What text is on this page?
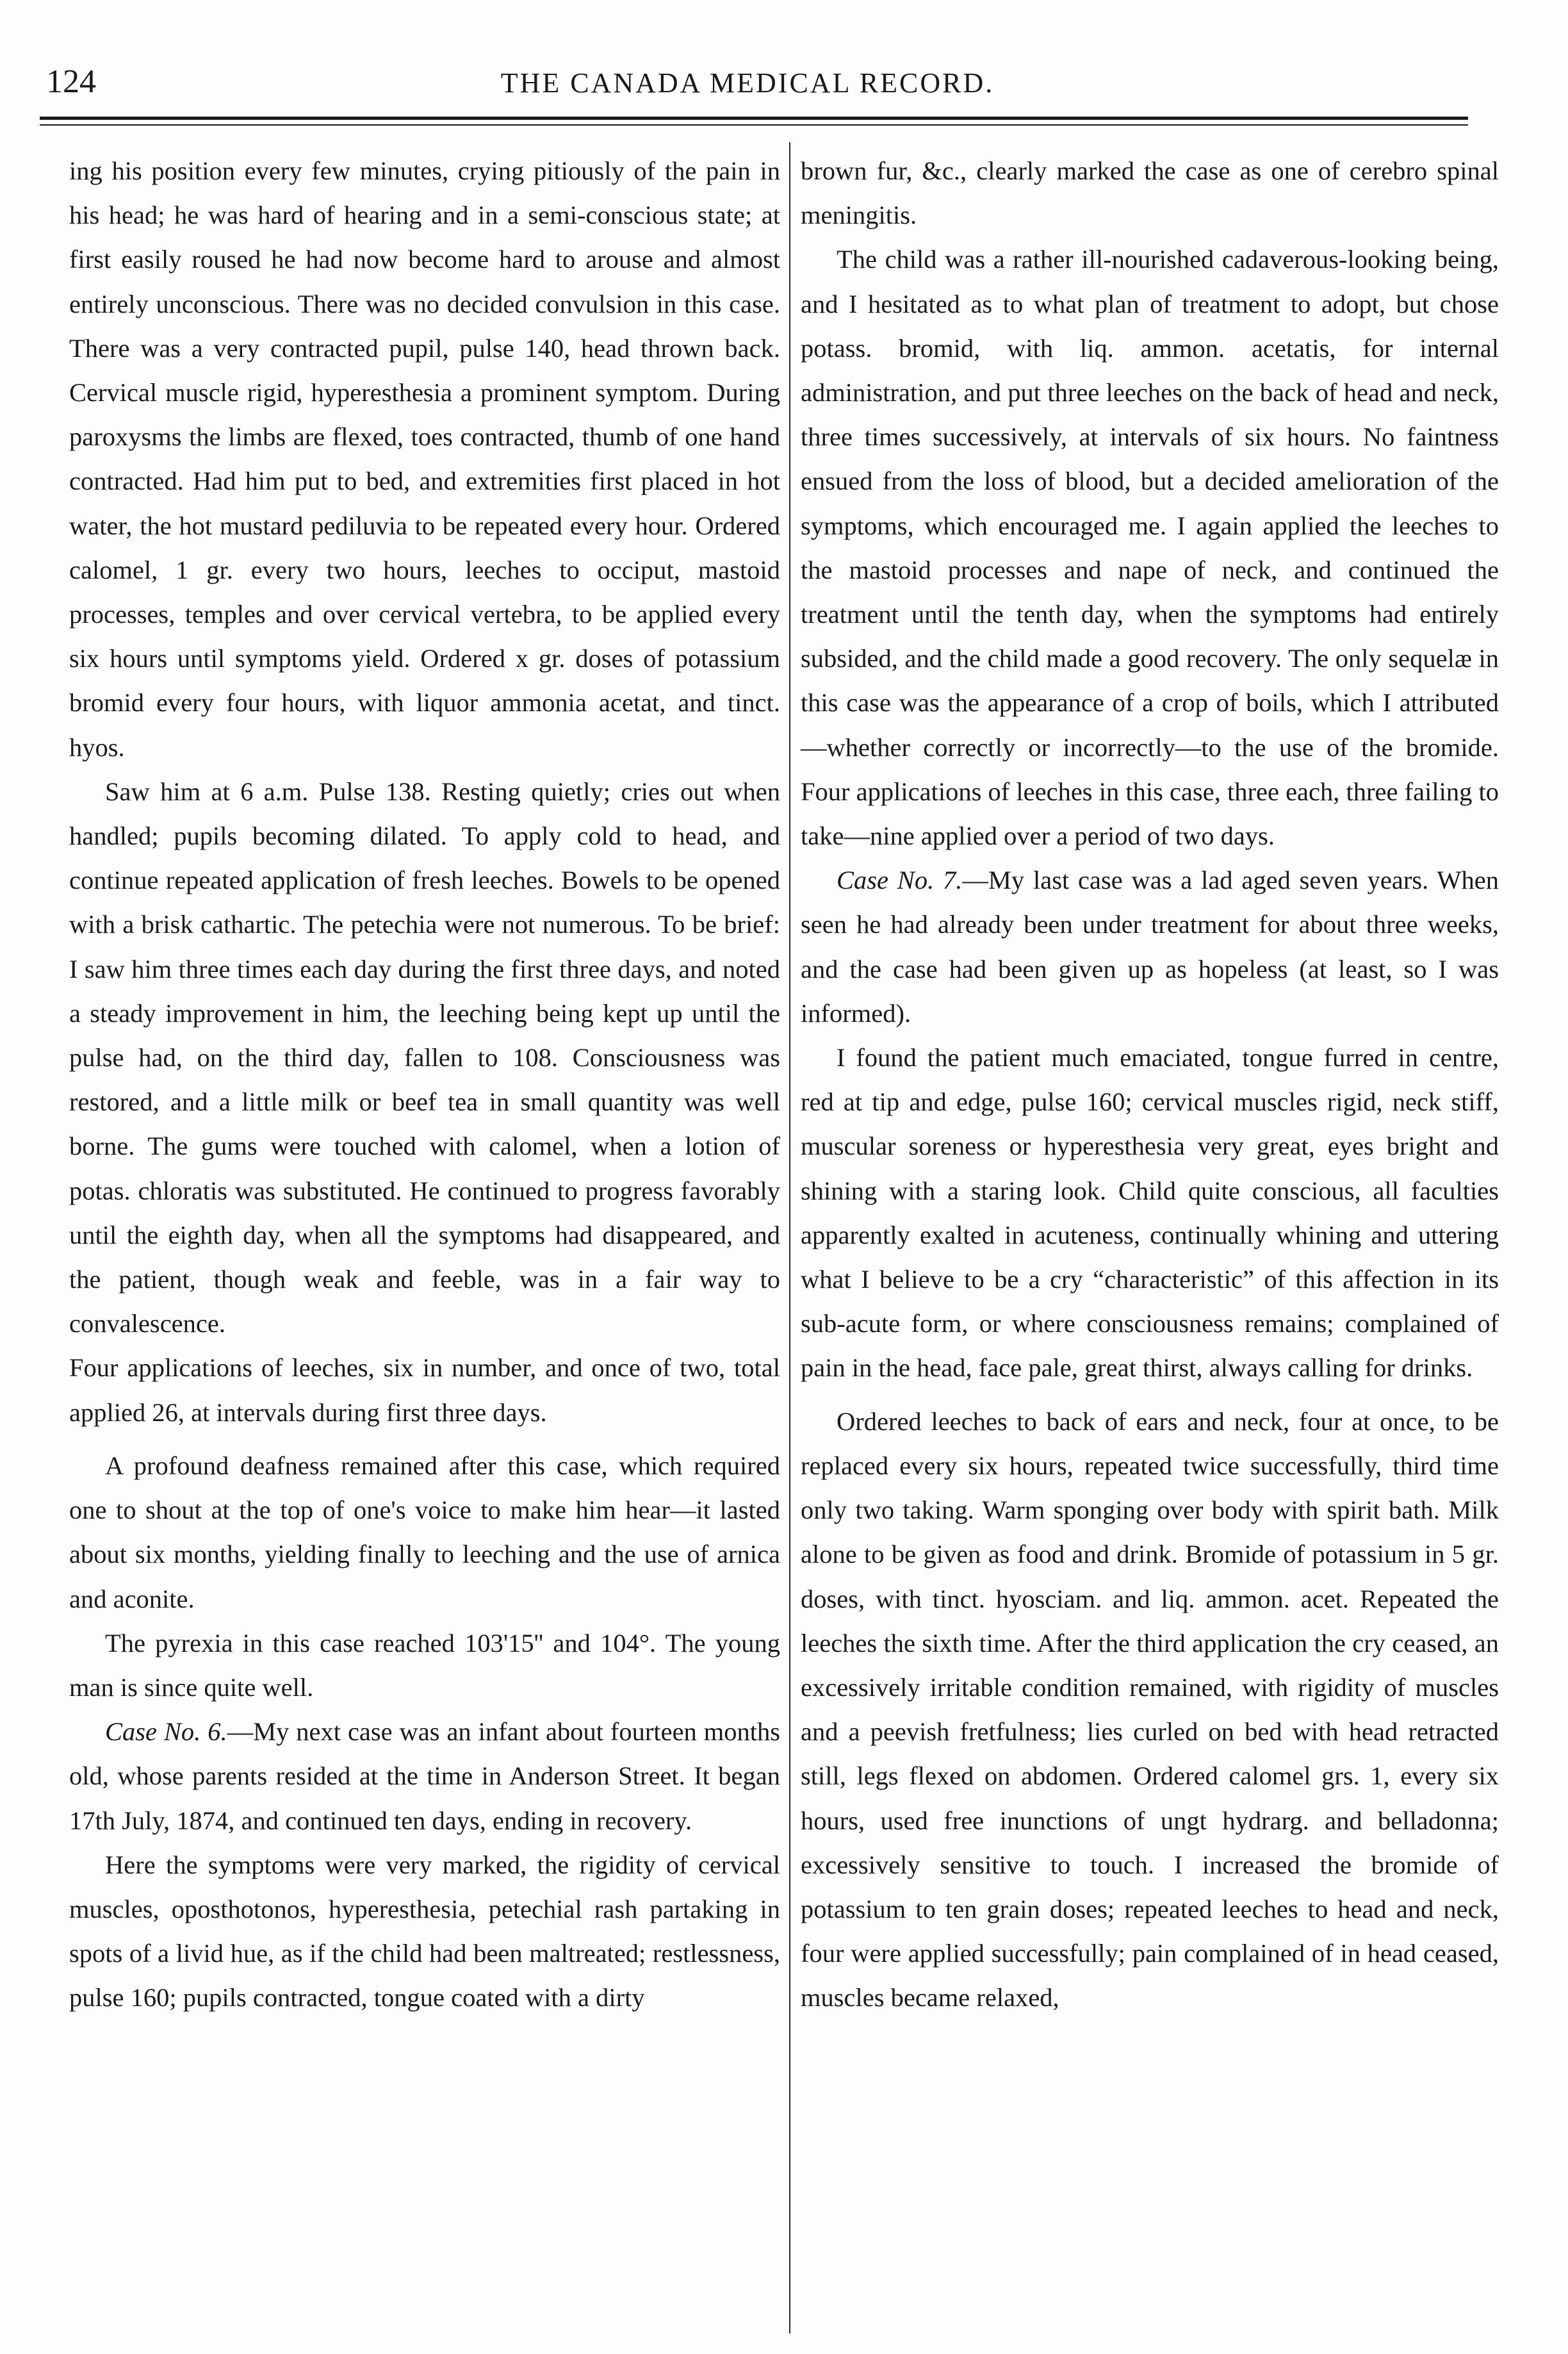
124	THE CANADA MEDICAL RECORD.

ing his position every few minutes, crying pitiously of the pain in his head; he was hard of hearing and in a semi-conscious state; at first easily roused he had now become hard to arouse and almost entirely unconscious. There was no decided convulsion in this case. There was a very contracted pupil, pulse 140, head thrown back. Cervical muscle rigid, hyperesthesia a prominent symptom. During paroxysms the limbs are flexed, toes contracted, thumb of one hand contracted. Had him put to bed, and extremities first placed in hot water, the hot mustard pediluvia to be repeated every hour. Ordered calomel, 1 gr. every two hours, leeches to occiput, mastoid processes, temples and over cervical vertebra, to be applied every six hours until symptoms yield. Ordered x gr. doses of potassium bromid every four hours, with liquor ammonia acetat, and tinct. hyos.

Saw him at 6 a.m. Pulse 138. Resting quietly; cries out when handled; pupils becoming dilated. To apply cold to head, and continue repeated application of fresh leeches. Bowels to be opened with a brisk cathartic. The petechia were not numerous. To be brief: I saw him three times each day during the first three days, and noted a steady improvement in him, the leeching being kept up until the pulse had, on the third day, fallen to 108. Consciousness was restored, and a little milk or beef tea in small quantity was well borne. The gums were touched with calomel, when a lotion of potas. chloratis was substituted. He continued to progress favorably until the eighth day, when all the symptoms had disappeared, and the patient, though weak and feeble, was in a fair way to convalescence.

Four applications of leeches, six in number, and once of two, total applied 26, at intervals during first three days.

A profound deafness remained after this case, which required one to shout at the top of one's voice to make him hear—it lasted about six months, yielding finally to leeching and the use of arnica and aconite.

The pyrexia in this case reached 103'15'' and 104°. The young man is since quite well.

Case No. 6.—My next case was an infant about fourteen months old, whose parents resided at the time in Anderson Street. It began 17th July, 1874, and continued ten days, ending in recovery.

Here the symptoms were very marked, the rigidity of cervical muscles, oposthotonos, hyperesthesia, petechial rash partaking in spots of a livid hue, as if the child had been maltreated; restlessness, pulse 160; pupils contracted, tongue coated with a dirty

brown fur, &c., clearly marked the case as one of cerebro spinal meningitis.

The child was a rather ill-nourished cadaverous-looking being, and I hesitated as to what plan of treatment to adopt, but chose potass. bromid, with liq. ammon. acetatis, for internal administration, and put three leeches on the back of head and neck, three times successively, at intervals of six hours. No faintness ensued from the loss of blood, but a decided amelioration of the symptoms, which encouraged me. I again applied the leeches to the mastoid processes and nape of neck, and continued the treatment until the tenth day, when the symptoms had entirely subsided, and the child made a good recovery. The only sequelæ in this case was the appearance of a crop of boils, which I attributed —whether correctly or incorrectly—to the use of the bromide. Four applications of leeches in this case, three each, three failing to take—nine applied over a period of two days.

Case No. 7.—My last case was a lad aged seven years. When seen he had already been under treatment for about three weeks, and the case had been given up as hopeless (at least, so I was informed).

I found the patient much emaciated, tongue furred in centre, red at tip and edge, pulse 160; cervical muscles rigid, neck stiff, muscular soreness or hyperesthesia very great, eyes bright and shining with a staring look. Child quite conscious, all faculties apparently exalted in acuteness, continually whining and uttering what I believe to be a cry “characteristic” of this affection in its sub-acute form, or where consciousness remains; complained of pain in the head, face pale, great thirst, always calling for drinks.

Ordered leeches to back of ears and neck, four at once, to be replaced every six hours, repeated twice successfully, third time only two taking. Warm sponging over body with spirit bath. Milk alone to be given as food and drink. Bromide of potassium in 5 gr. doses, with tinct. hyosciam. and liq. ammon. acet. Repeated the leeches the sixth time. After the third application the cry ceased, an excessively irritable condition remained, with rigidity of muscles and a peevish fretfulness; lies curled on bed with head retracted still, legs flexed on abdomen. Ordered calomel grs. 1, every six hours, used free inunctions of ungt hydrarg. and belladonna; excessively sensitive to touch. I increased the bromide of potassium to ten grain doses; repeated leeches to head and neck, four were applied successfully; pain complained of in head ceased, muscles became relaxed,
